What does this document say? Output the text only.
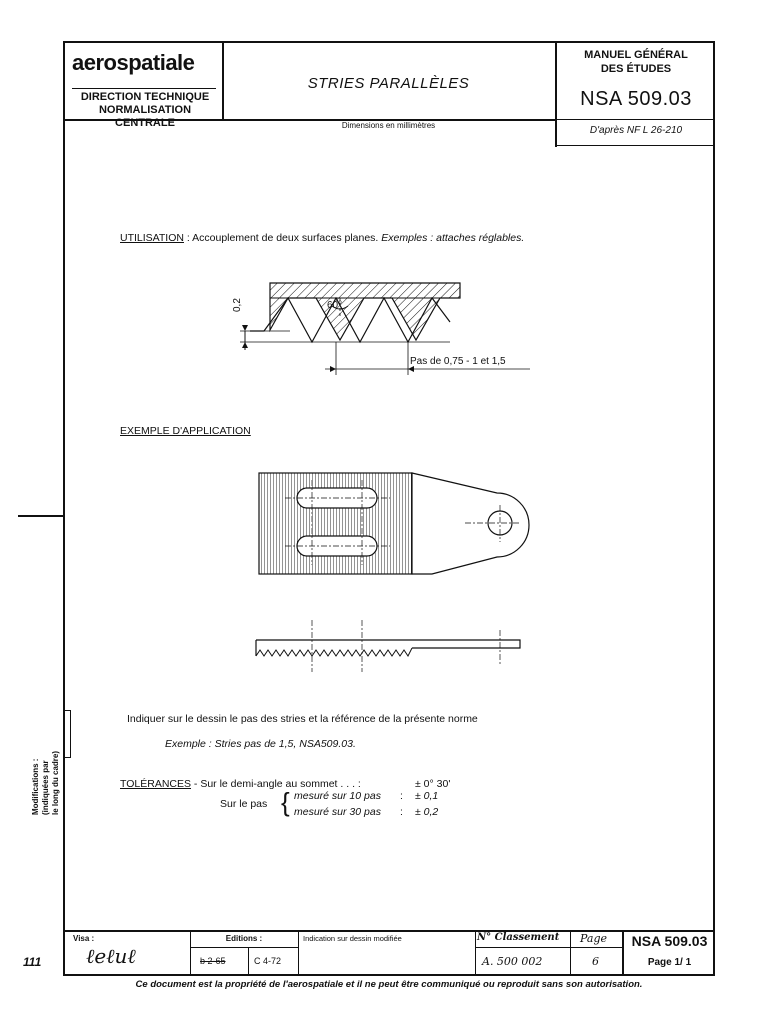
aerospatiale
DIRECTION TECHNIQUE
NORMALISATION CENTRALE
STRIES PARALLÈLES
MANUEL GÉNÉRAL
DES ÉTUDES
NSA 509.03
Dimensions en millimètres	D'après NF L 26-210
UTILISATION : Accouplement de deux surfaces planes. Exemples : attaches réglables.
60°
0,2
Pas de 0,75 - 1 et 1,5
EXEMPLE D'APPLICATION
Indiquer sur le dessin le pas des stries et la référence de la présente norme
Exemple : Stries pas de 1,5, NSA509.03.
TOLÉRANCES - Sur le demi-angle au sommet . . . :	± 0° 30'
Sur le pas { mesuré sur 10 pas : ± 0,1
mesuré sur 30 pas : ± 0,2
Modifications : (indiquées par le long du cadre)
111
Visa :
ℓeℓuℓ
Editions :
b 2-65	C 4-72
Indication sur dessin modifiée	N° Classement
A. 500 002
Page
6
NSA 509.03
Page 1/ 1
Ce document est la propriété de l'aerospatiale et il ne peut être communiqué ou reproduit sans son autorisation.
